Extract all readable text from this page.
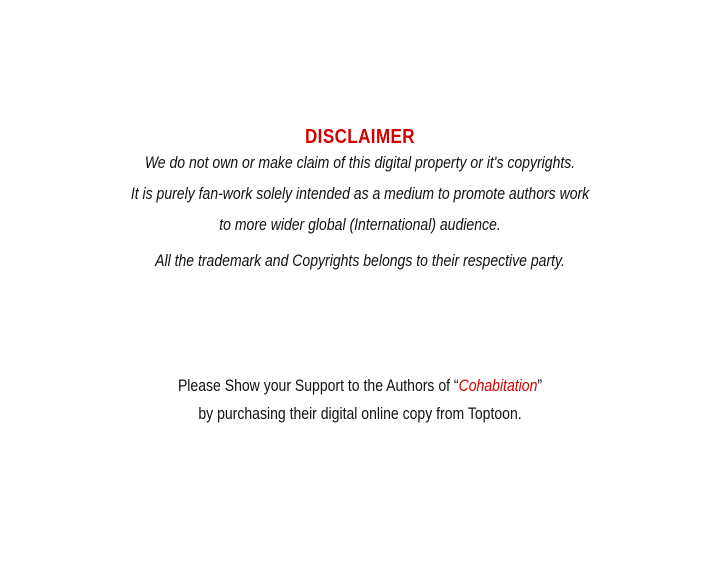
DISCLAIMER
We do not own or make claim of this digital property or it's copyrights.
It is purely fan-work solely intended as a medium to promote authors work
to more wider global (International) audience.
All the trademark and Copyrights belongs to their respective party.
Please Show your Support to the Authors of “Cohabitation”
by purchasing their digital online copy from Toptoon.
